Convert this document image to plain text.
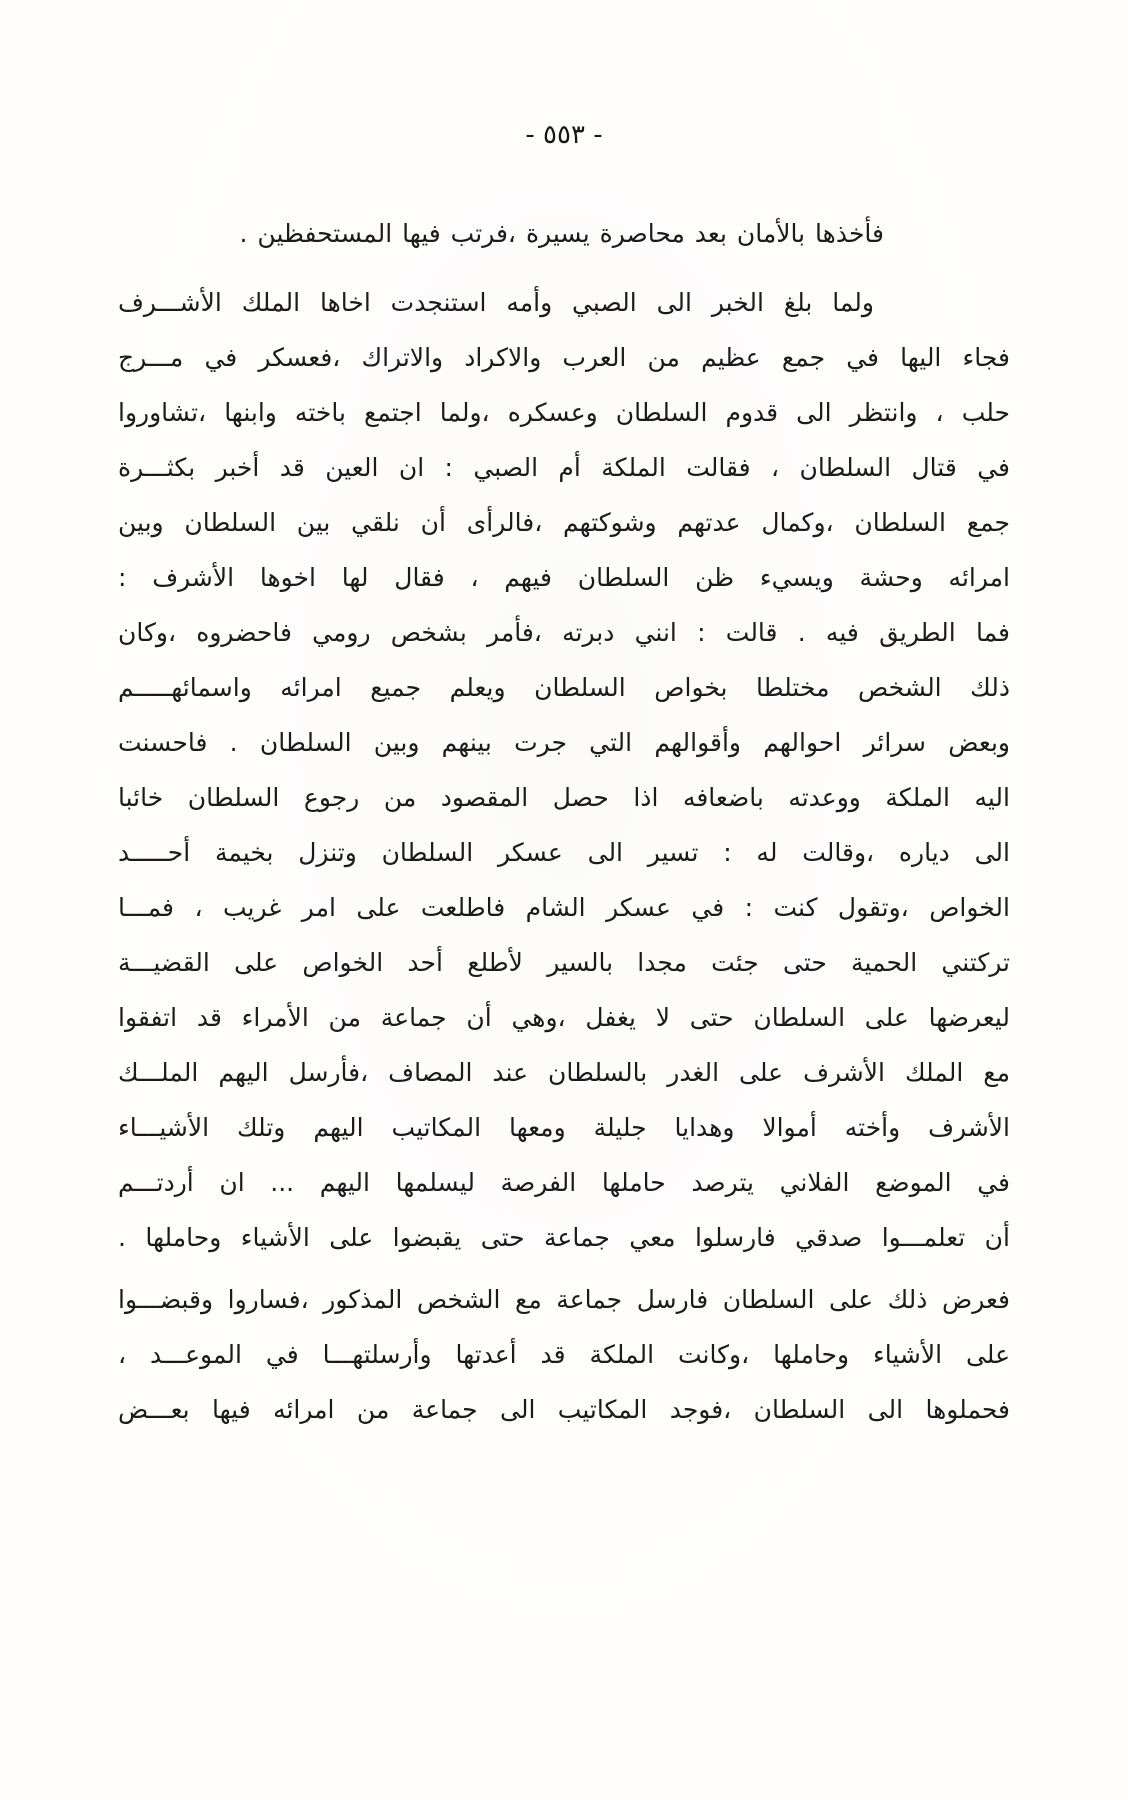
- ٥٥٣ -
فأخذها بالأمان بعد محاصرة يسيرة ،فرتب فيها المستحفظين .
ولما بلغ الخبر الى الصبي وأمه استنجدت اخاها الملك الأشـــرف
فجاء اليها في جمع عظيم من العرب والاكراد والاتراك ،فعسكر في مـــرج
حلب ، وانتظر الى قدوم السلطان وعسكره ،ولما اجتمع باخته وابنها ،تشاوروا
في قتال السلطان ، فقالت الملكة أم الصبي : ان العين قد أخبر بكثـــرة
جمع السلطان ،وكمال عدتهم وشوكتهم ،فالرأى أن نلقي بين السلطان وبين
امرائه وحشة ويسيء ظن السلطان فيهم ، فقال لها اخوها الأشرف :
فما الطريق فيه . قالت : انني دبرته ،فأمر بشخص رومي فاحضروه ،وكان
ذلك الشخص مختلطا بخواص السلطان ويعلم جميع امرائه واسمائهـــــم
وبعض سرائر احوالهم وأقوالهم التي جرت بينهم وبين السلطان . فاحسنت
اليه الملكة ووعدته باضعافه اذا حصل المقصود من رجوع السلطان خائبا
الى دياره ،وقالت له : تسير الى عسكر السلطان وتنزل بخيمة أحـــــد
الخواص ،وتقول كنت : في عسكر الشام فاطلعت على امر غريب ، فمـــا
تركتني الحمية حتى جئت مجدا بالسير لأطلع أحد الخواص على القضيـــة
ليعرضها على السلطان حتى لا يغفل ،وهي أن جماعة من الأمراء قد اتفقوا
مع الملك الأشرف على الغدر بالسلطان عند المصاف ،فأرسل اليهم الملـــك
الأشرف وأخته أموالا وهدايا جليلة ومعها المكاتيب اليهم وتلك الأشيـــاء
في الموضع الفلاني يترصد حاملها الفرصة ليسلمها اليهم ... ان أردتـــم
أن تعلمـــوا صدقي فارسلوا معي جماعة حتى يقبضوا على الأشياء وحاملها .
فعرض ذلك على السلطان فارسل جماعة مع الشخص المذكور ،فساروا وقبضـــوا
على الأشياء وحاملها ،وكانت الملكة قد أعدتها وأرسلتهـــا في الموعـــد ،
فحملوها الى السلطان ،فوجد المكاتيب الى جماعة من امرائه فيها بعـــض
